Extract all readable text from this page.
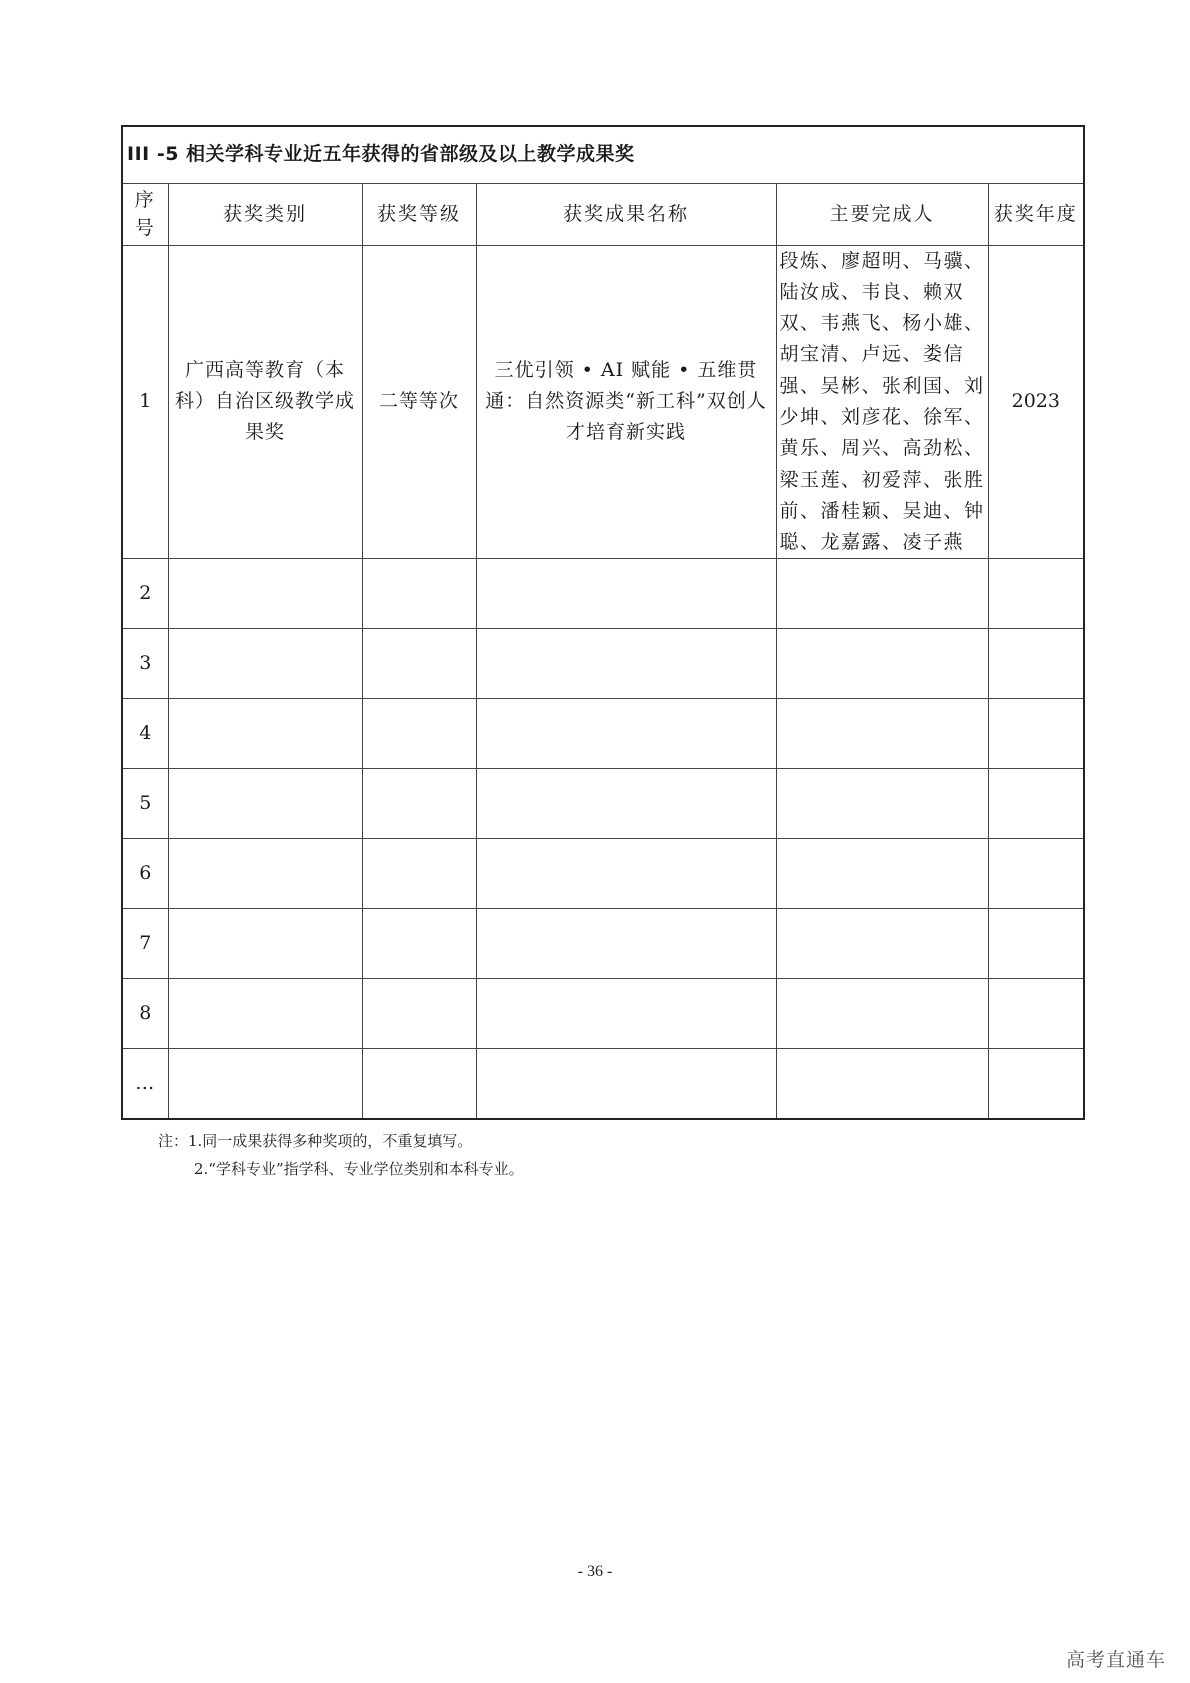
III -5 相关学科专业近五年获得的省部级及以上教学成果奖					

序
号	获奖类别	获奖等级	获奖成果名称	主要完成人	获奖年度
1	广西高等教育（本科）自治区级教学成果奖	二等等次	三优引领 • AI 赋能 • 五维贯通：自然资源类“新工科”双创人才培育新实践	段炼、廖超明、马骥、陆汝成、韦良、赖双双、韦燕飞、杨小雄、胡宝清、卢远、娄信强、吴彬、张利国、刘少坤、刘彦花、徐军、黄乐、周兴、高劲松、梁玉莲、初爱萍、张胜前、潘桂颖、吴迪、钟聪、龙嘉露、凌子燕	2023
2					
3					
4					
5					
6					
7					
8					
…					
注：1.同一成果获得多种奖项的，不重复填写。
2.“学科专业”指学科、专业学位类别和本科专业。
- 36 -
高考直通车
